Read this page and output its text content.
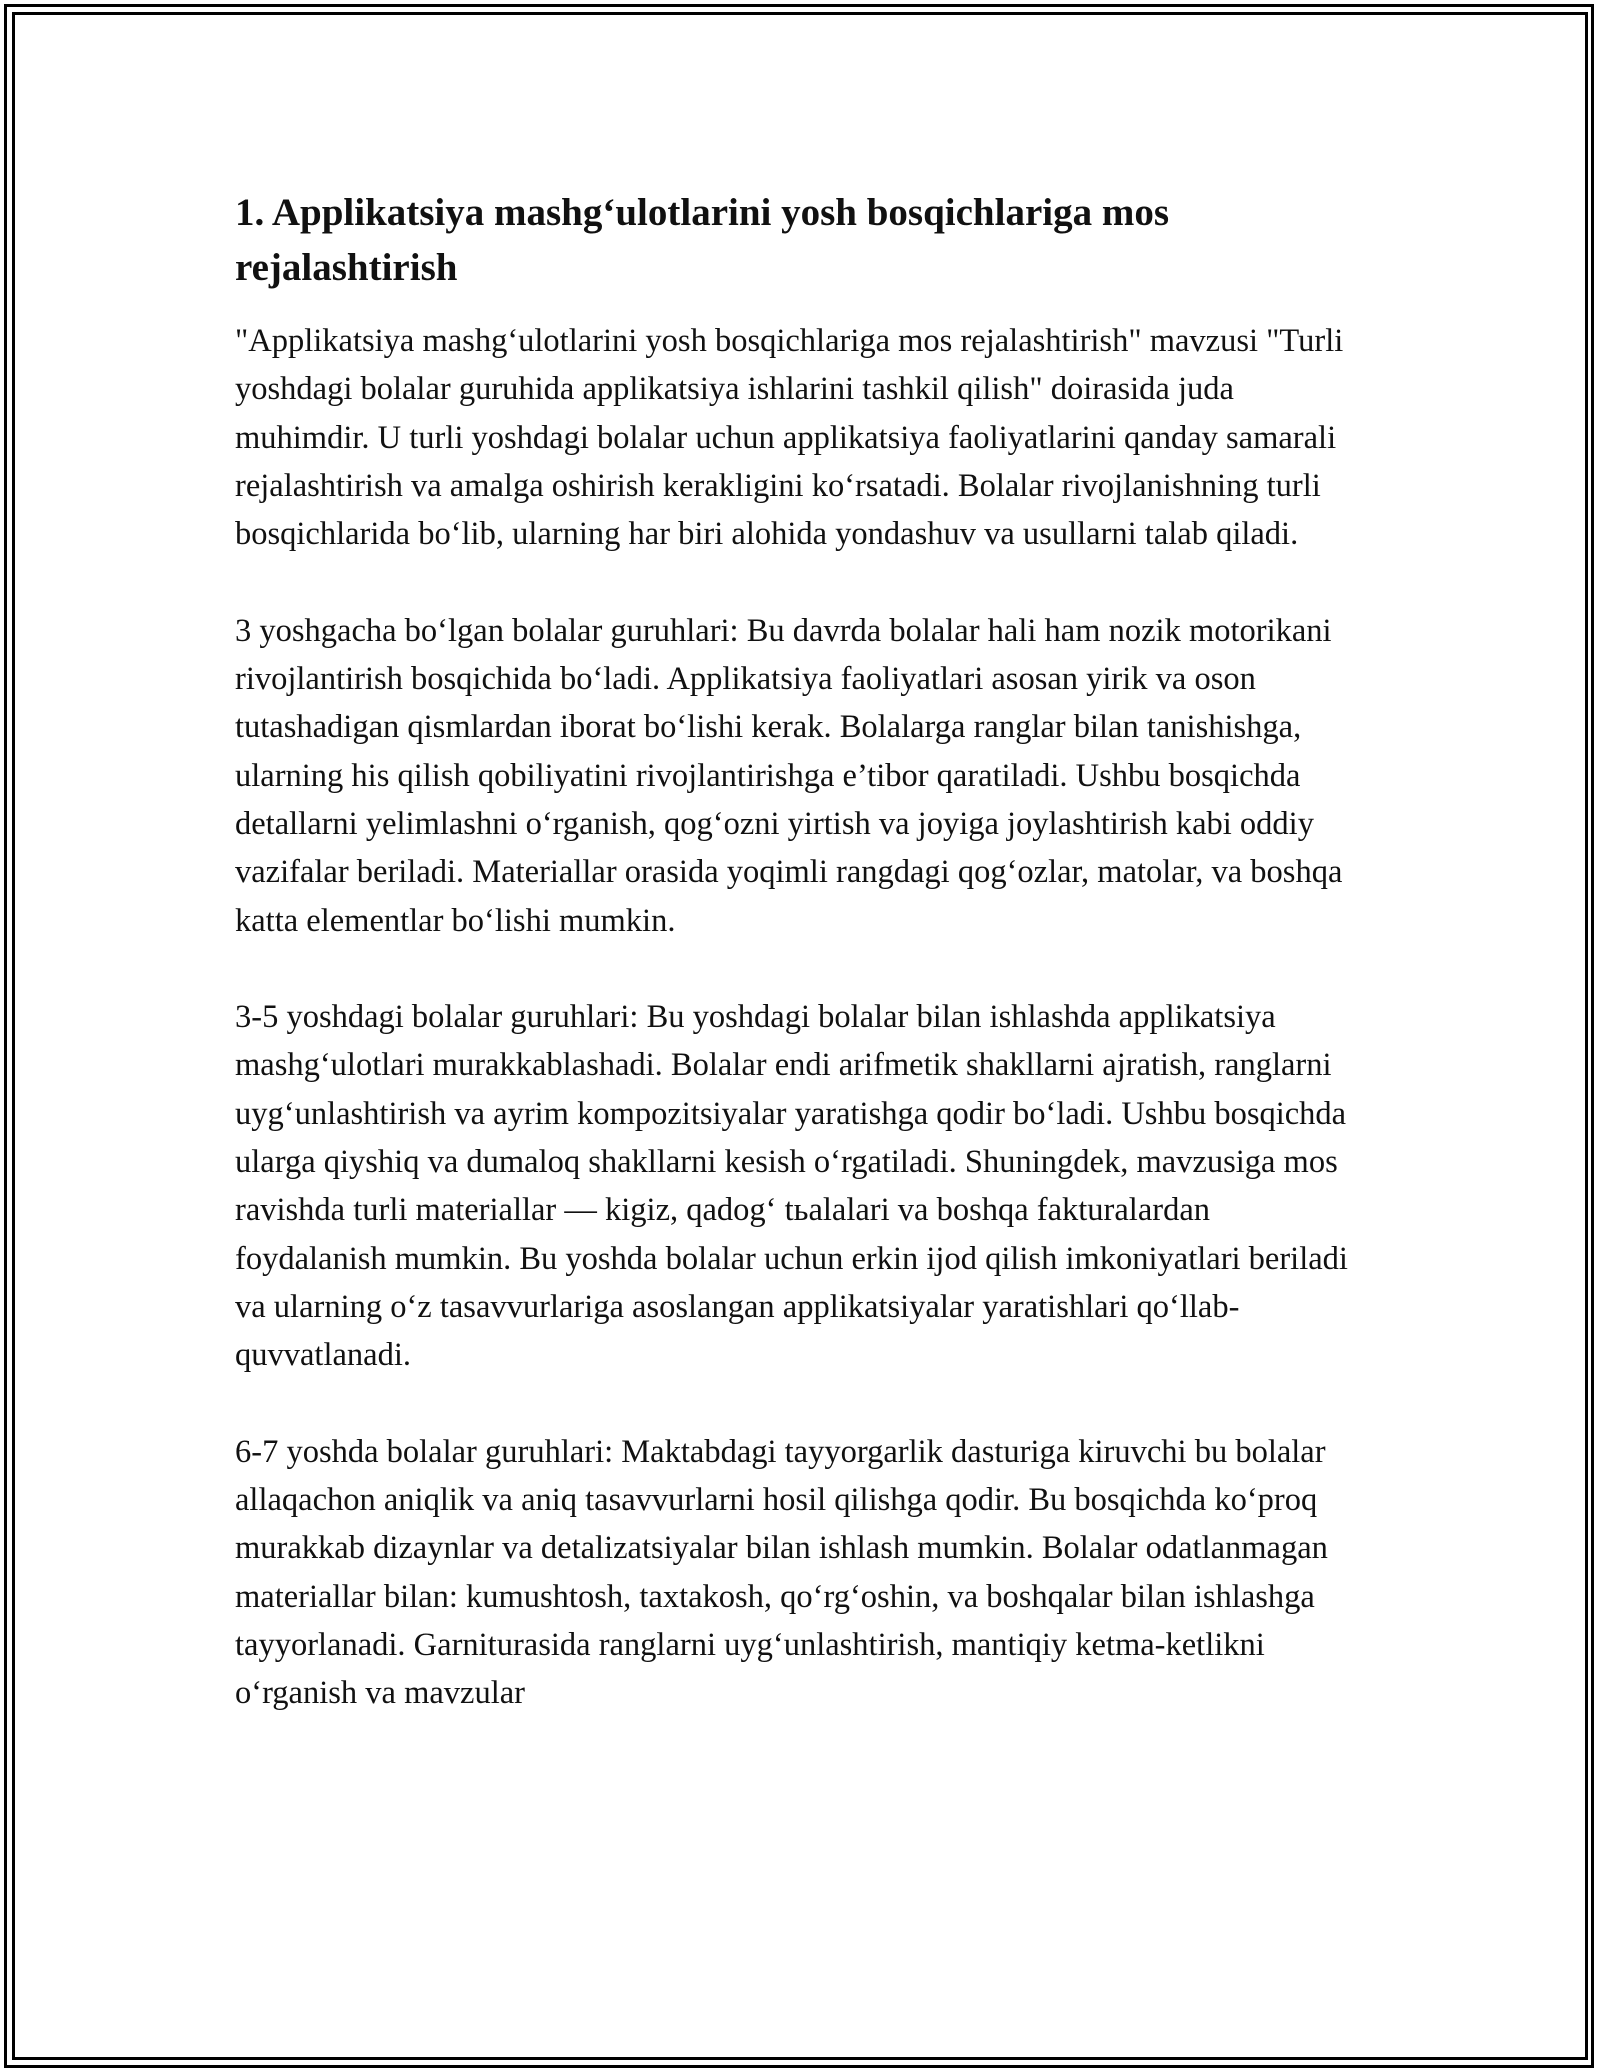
1. Applikatsiya mashg‘ulotlarini yosh bosqichlariga mos rejalashtirish

"Applikatsiya mashg‘ulotlarini yosh bosqichlariga mos rejalashtirish" mavzusi "Turli yoshdagi bolalar guruhida applikatsiya ishlarini tashkil qilish" doirasida juda muhimdir. U turli yoshdagi bolalar uchun applikatsiya faoliyatlarini qanday samarali rejalashtirish va amalga oshirish kerakligini ko‘rsatadi. Bolalar rivojlanishning turli bosqichlarida bo‘lib, ularning har biri alohida yondashuv va usullarni talab qiladi.

3 yoshgacha bo‘lgan bolalar guruhlari: Bu davrda bolalar hali ham nozik motorikani rivojlantirish bosqichida bo‘ladi. Applikatsiya faoliyatlari asosan yirik va oson tutashadigan qismlardan iborat bo‘lishi kerak. Bolalarga ranglar bilan tanishishga, ularning his qilish qobiliyatini rivojlantirishga e’tibor qaratiladi. Ushbu bosqichda detallarni yelimlashni o‘rganish, qog‘ozni yirtish va joyiga joylashtirish kabi oddiy vazifalar beriladi. Materiallar orasida yoqimli rangdagi qog‘ozlar, matolar, va boshqa katta elementlar bo‘lishi mumkin.

3-5 yoshdagi bolalar guruhlari: Bu yoshdagi bolalar bilan ishlashda applikatsiya mashg‘ulotlari murakkablashadi. Bolalar endi arifmetik shakllarni ajratish, ranglarni uyg‘unlashtirish va ayrim kompozitsiyalar yaratishga qodir bo‘ladi. Ushbu bosqichda ularga qiyshiq va dumaloq shakllarni kesish o‘rgatiladi. Shuningdek, mavzusiga mos ravishda turli materiallar — kigiz, qadog‘ tьalalari va boshqa fakturalardan foydalanish mumkin. Bu yoshda bolalar uchun erkin ijod qilish imkoniyatlari beriladi va ularning o‘z tasavvurlariga asoslangan applikatsiyalar yaratishlari qo‘llab-quvvatlanadi.

6-7 yoshda bolalar guruhlari: Maktabdagi tayyorgarlik dasturiga kiruvchi bu bolalar allaqachon aniqlik va aniq tasavvurlarni hosil qilishga qodir. Bu bosqichda ko‘proq murakkab dizaynlar va detalizatsiyalar bilan ishlash mumkin. Bolalar odatlanmagan materiallar bilan: kumushtosh, taxtakosh, qo‘rg‘oshin, va boshqalar bilan ishlashga tayyorlanadi. Garniturasida ranglarni uyg‘unlashtirish, mantiqiy ketma-ketlikni o‘rganish va mavzular
